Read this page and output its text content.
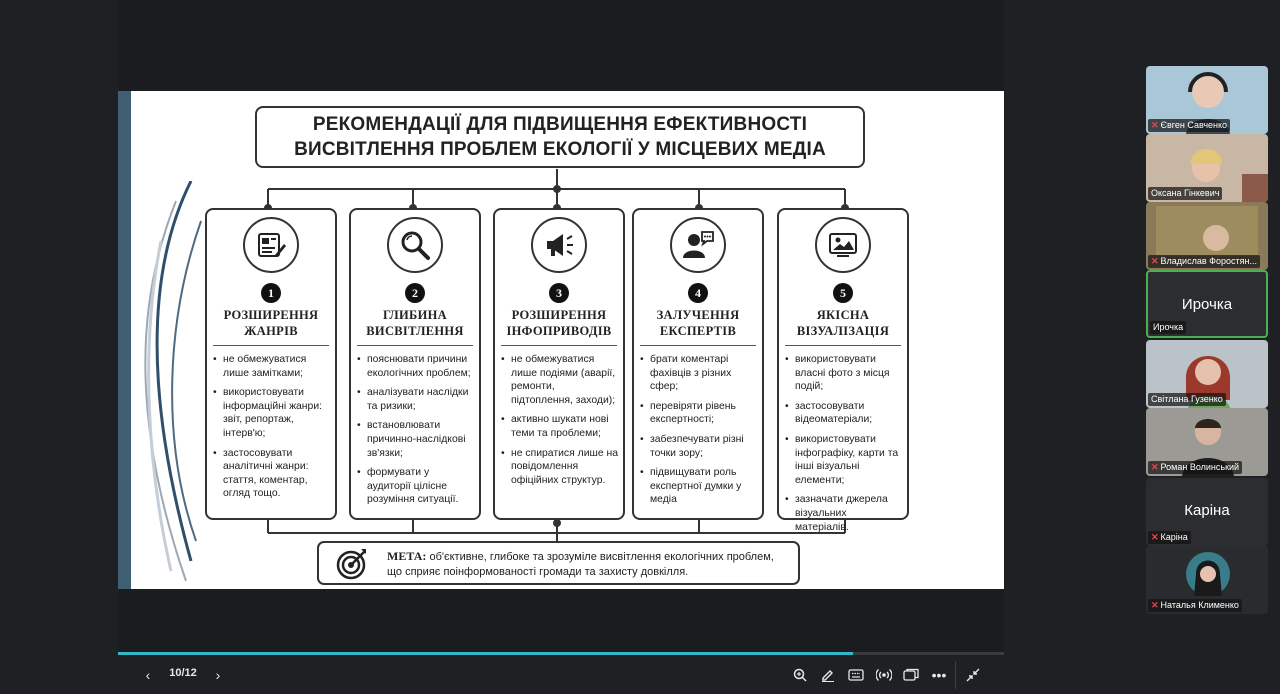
РЕКОМЕНДАЦІЇ ДЛЯ ПІДВИЩЕННЯ ЕФЕКТИВНОСТІ
ВИСВІТЛЕННЯ ПРОБЛЕМ ЕКОЛОГІЇ У МІСЦЕВИХ МЕДІА
1
РОЗШИРЕННЯ
ЖАНРІВ
• не обмежуватися лише замітками;
• використовувати інформаційні жанри: звіт, репортаж, інтерв'ю;
• застосовувати аналітичні жанри: стаття, коментар, огляд тощо.
2
ГЛИБИНА
ВИСВІТЛЕННЯ
• пояснювати причини екологічних проблем;
• аналізувати наслідки та ризики;
• встановлювати причинно-наслідкові зв'язки;
• формувати у аудиторії цілісне розуміння ситуації.
3
РОЗШИРЕННЯ
ІНФОПРИВОДІВ
• не обмежуватися лише подіями (аварії, ремонти, підтоплення, заходи);
• активно шукати нові теми та проблеми;
• не спиратися лише на повідомлення офіційних структур.
4
ЗАЛУЧЕННЯ
ЕКСПЕРТІВ
• брати коментарі фахівців з різних сфер;
• перевіряти рівень експертності;
• забезпечувати різні точки зору;
• підвищувати роль експертної думки у медіа
5
ЯКІСНА
ВІЗУАЛІЗАЦІЯ
• використовувати власні фото з місця подій;
• застосовувати відеоматеріали;
• використовувати інфографіку, карти та інші візуальні елементи;
• зазначати джерела візуальних матеріалів.
МЕТА: об'єктивне, глибоке та зрозуміле висвітлення екологічних проблем, що сприяє поінформованості громади та захисту довкілля.
✕ Євген Савченко
Оксана Гінкевич
✕ Владислав Форостян...
Ирочка
Ирочка
Світлана Гузенко
✕ Роман Волинський
Каріна
✕ Каріна
✕ Наталья Клименко
‹	10/12	›	•••
